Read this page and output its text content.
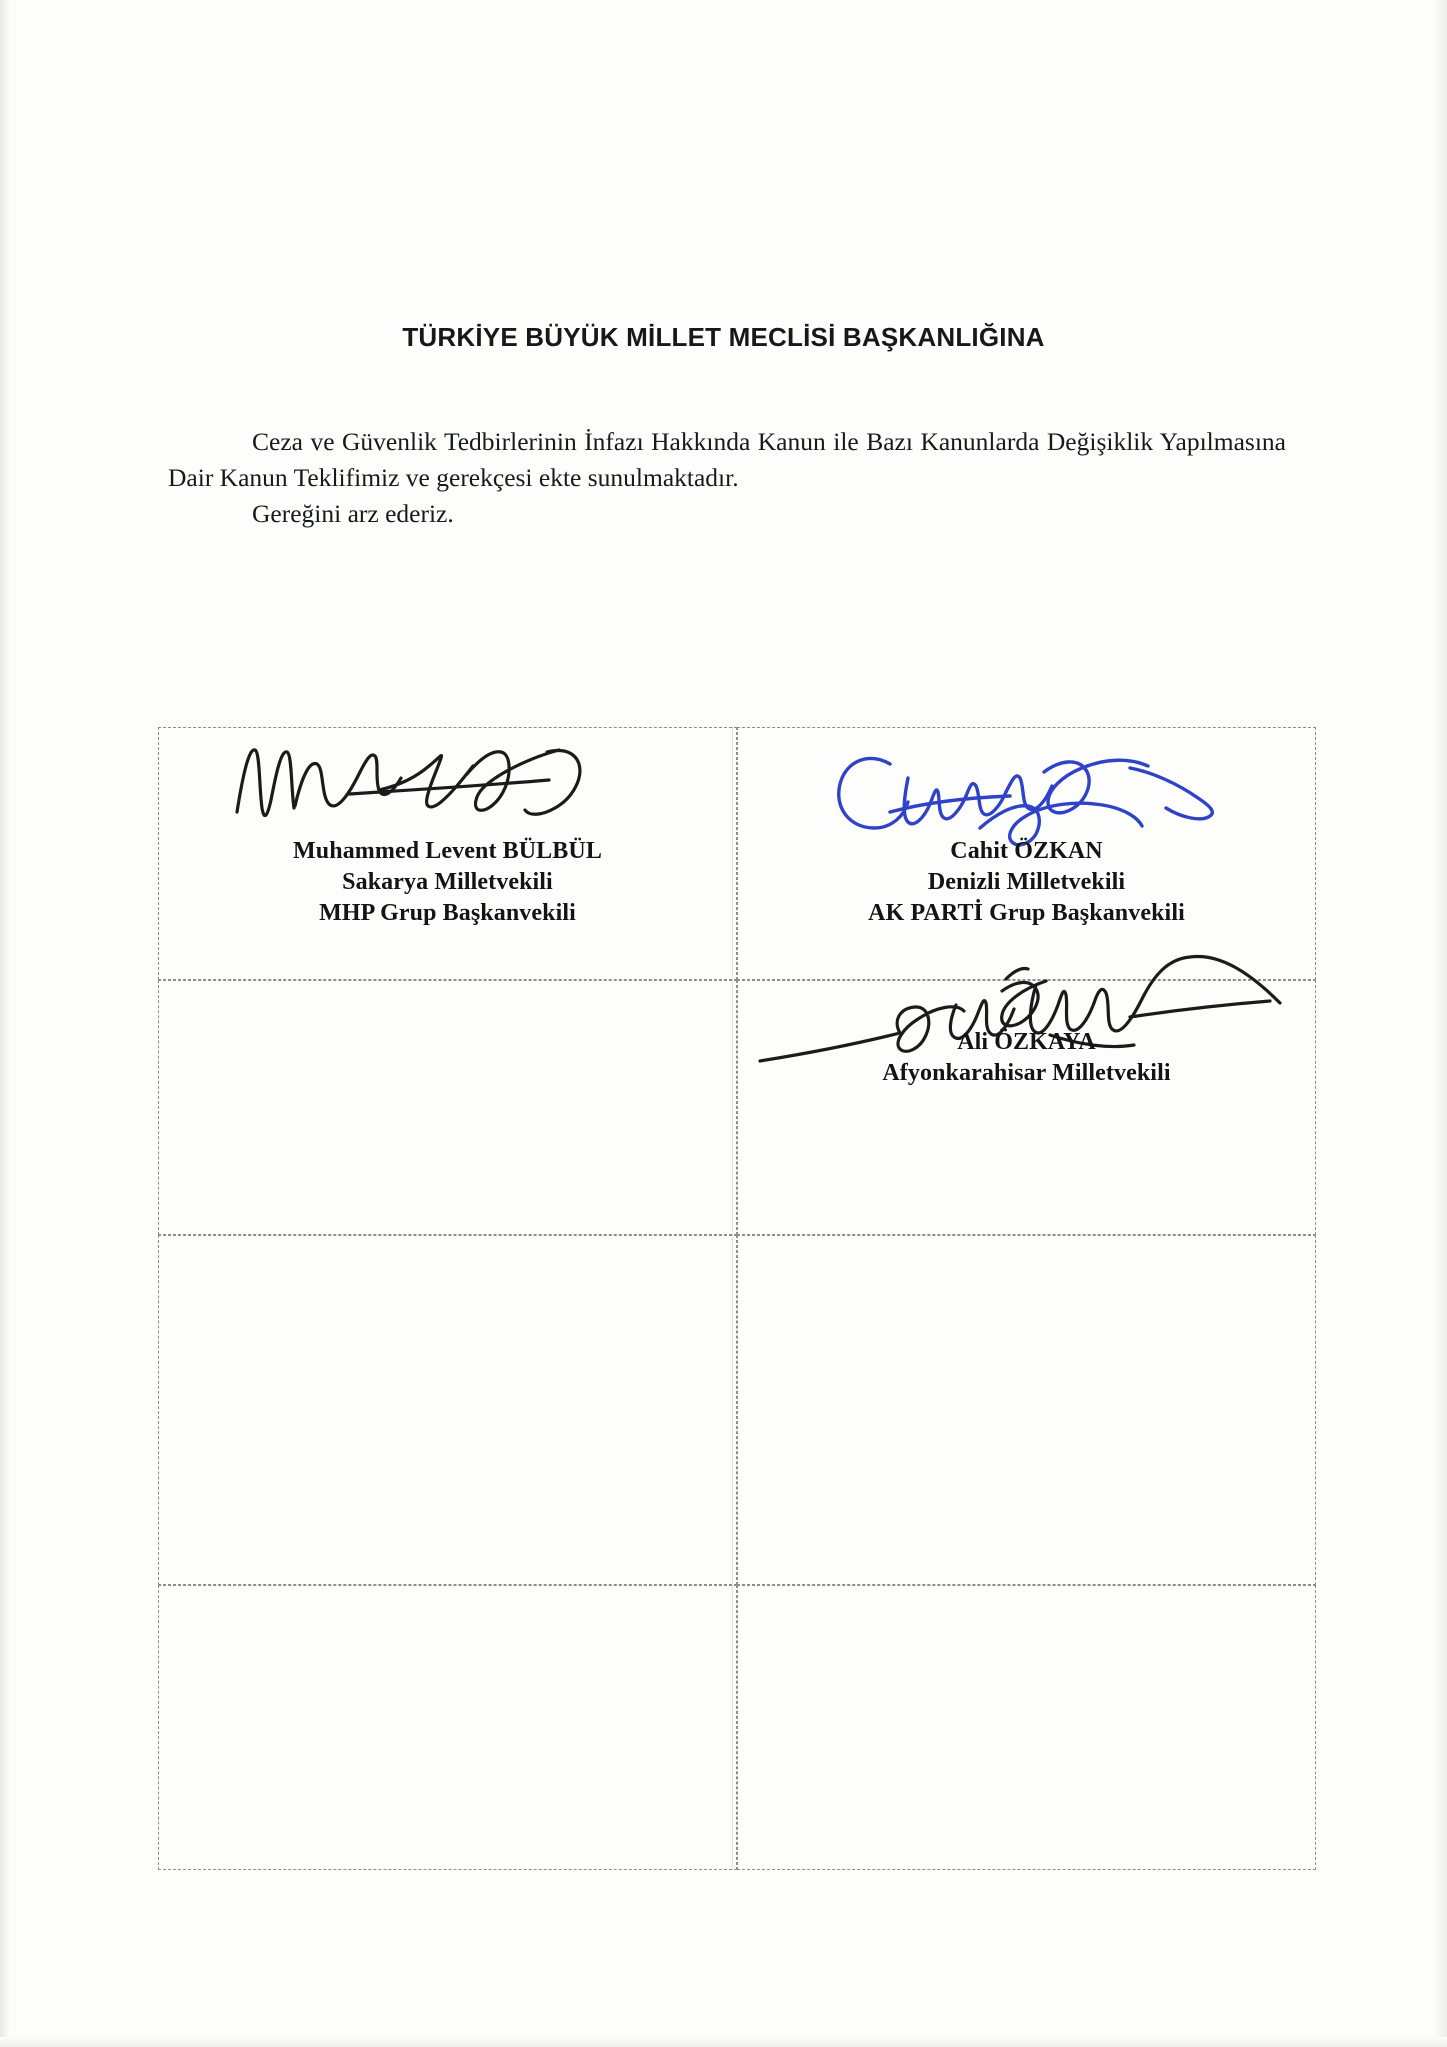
TÜRKİYE BÜYÜK MİLLET MECLİSİ BAŞKANLIĞINA

Ceza ve Güvenlik Tedbirlerinin İnfazı Hakkında Kanun ile Bazı Kanunlarda Değişiklik Yapılmasına Dair Kanun Teklifimiz ve gerekçesi ekte sunulmaktadır.

Gereğini arz ederiz.

Muhammed Levent BÜLBÜL
Sakarya Milletvekili
MHP Grup Başkanvekili
Cahit ÖZKAN
Denizli Milletvekili
AK PARTİ Grup Başkanvekili
Ali ÖZKAYA
Afyonkarahisar Milletvekili
